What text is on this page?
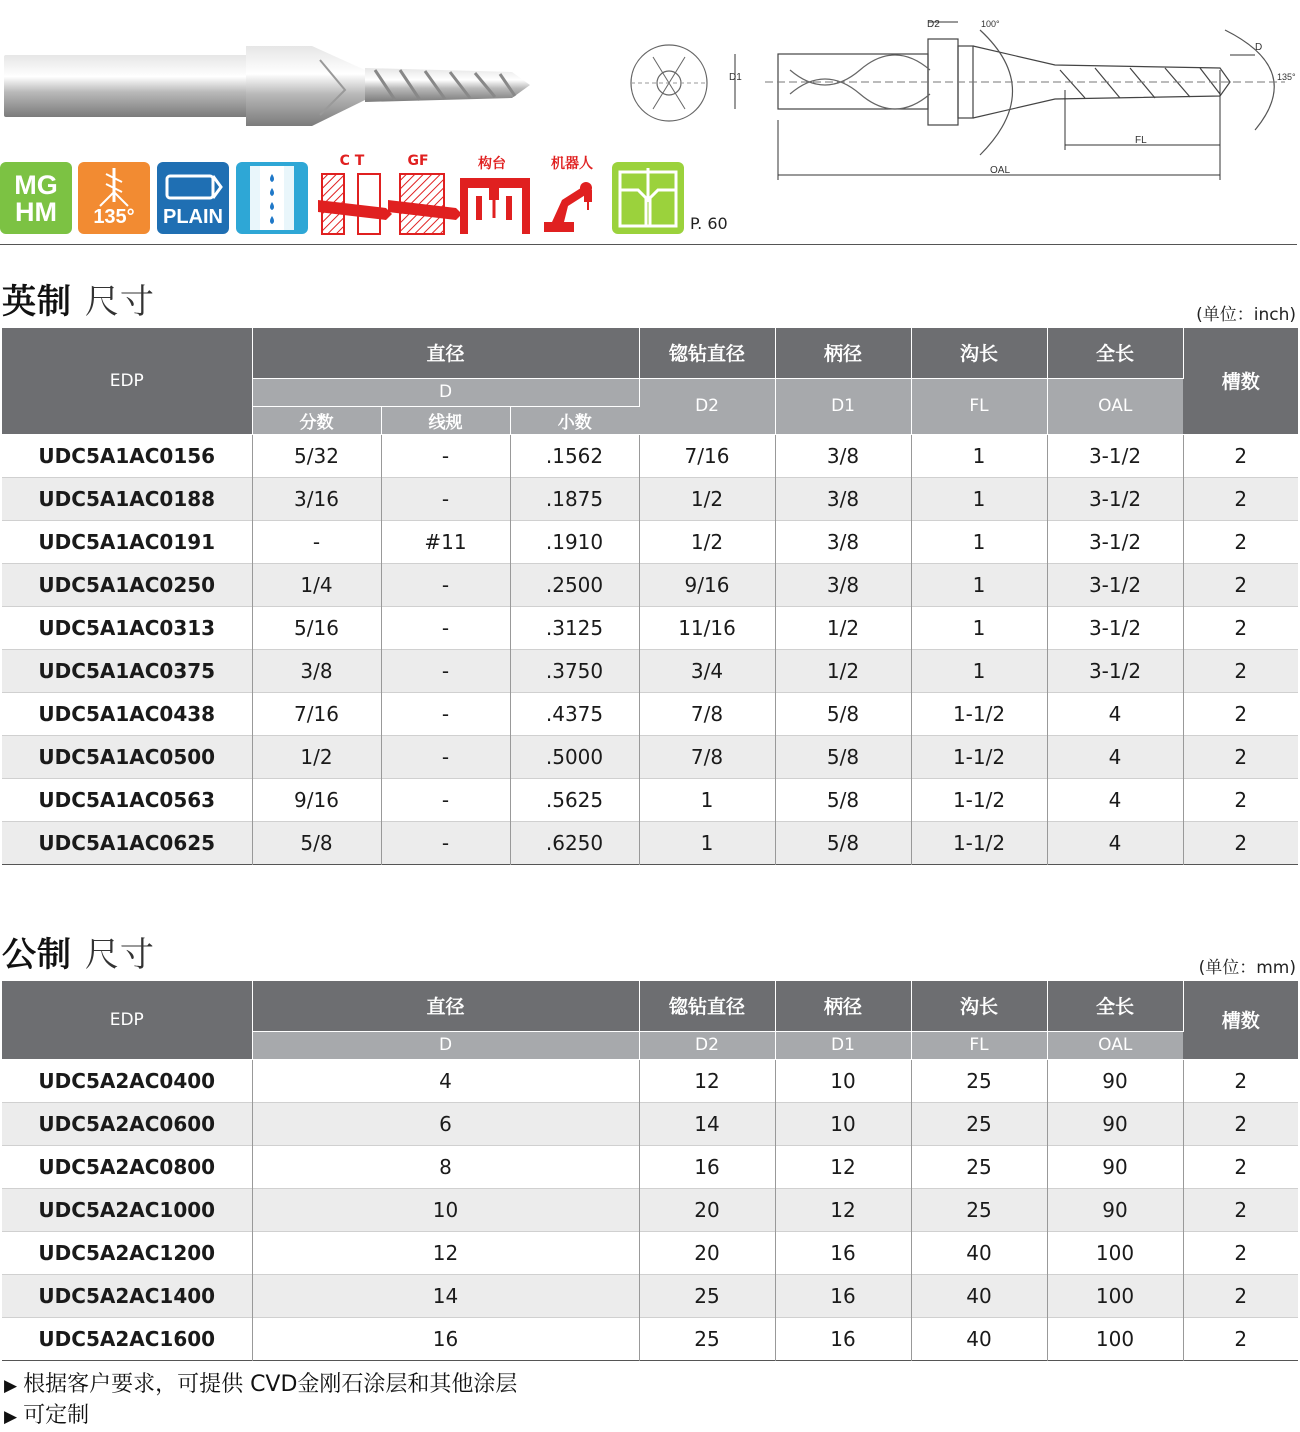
D2	100°
D
135°
D1
FL
OAL
MG
HM	135°	PLAIN
C T	GF	构台	机器人
P. 60
英制 尺寸	(单位：inch)
EDP	直径			锪钻直径	柄径	沟长	全长	槽数
	D			D2	D1	FL	OAL	
	分数	线规	小数					
UDC5A1AC0156	5/32	-	.1562	7/16	3/8	1	3-1/2	2
UDC5A1AC0188	3/16	-	.1875	1/2	3/8	1	3-1/2	2
UDC5A1AC0191	-	#11	.1910	1/2	3/8	1	3-1/2	2
UDC5A1AC0250	1/4	-	.2500	9/16	3/8	1	3-1/2	2
UDC5A1AC0313	5/16	-	.3125	11/16	1/2	1	3-1/2	2
UDC5A1AC0375	3/8	-	.3750	3/4	1/2	1	3-1/2	2
UDC5A1AC0438	7/16	-	.4375	7/8	5/8	1-1/2	4	2
UDC5A1AC0500	1/2	-	.5000	7/8	5/8	1-1/2	4	2
UDC5A1AC0563	9/16	-	.5625	1	5/8	1-1/2	4	2
UDC5A1AC0625	5/8	-	.6250	1	5/8	1-1/2	4	2
公制 尺寸	(单位：mm)
EDP	直径	锪钻直径	柄径	沟长	全长	槽数
	D	D2	D1	FL	OAL	
UDC5A2AC0400	4	12	10	25	90	2
UDC5A2AC0600	6	14	10	25	90	2
UDC5A2AC0800	8	16	12	25	90	2
UDC5A2AC1000	10	20	12	25	90	2
UDC5A2AC1200	12	20	16	40	100	2
UDC5A2AC1400	14	25	16	40	100	2
UDC5A2AC1600	16	25	16	40	100	2
▶ 根据客户要求，可提供 CVD金刚石涂层和其他涂层
▶ 可定制
